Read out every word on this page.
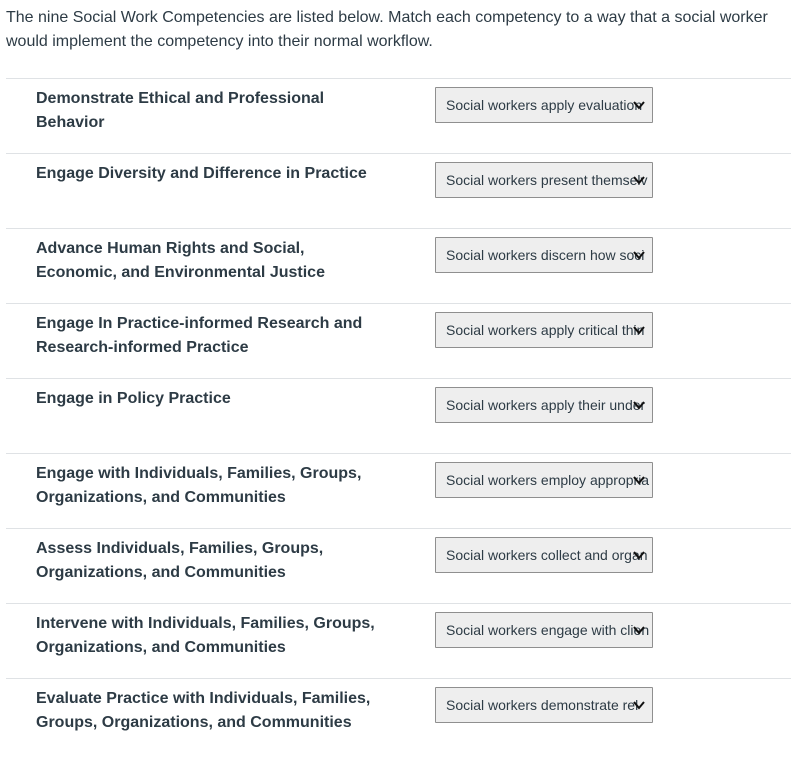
The nine Social Work Competencies are listed below. Match each competency to a way that a social worker would implement the competency into their normal workflow.

Demonstrate Ethical and Professional Behavior
Social workers apply evaluation
Engage Diversity and Difference in Practice	Social workers present themselv
Advance Human Rights and Social, Economic, and Environmental Justice
Social workers discern how soci
Engage In Practice-informed Research and Research-informed Practice
Social workers apply critical thin
Engage in Policy Practice	Social workers apply their under
Engage with Individuals, Families, Groups, Organizations, and Communities
Social workers employ appropria
Assess Individuals, Families, Groups, Organizations, and Communities
Social workers collect and organ
Intervene with Individuals, Families, Groups, Organizations, and Communities
Social workers engage with clien
Evaluate Practice with Individuals, Families, Groups, Organizations, and Communities
Social workers demonstrate rel
